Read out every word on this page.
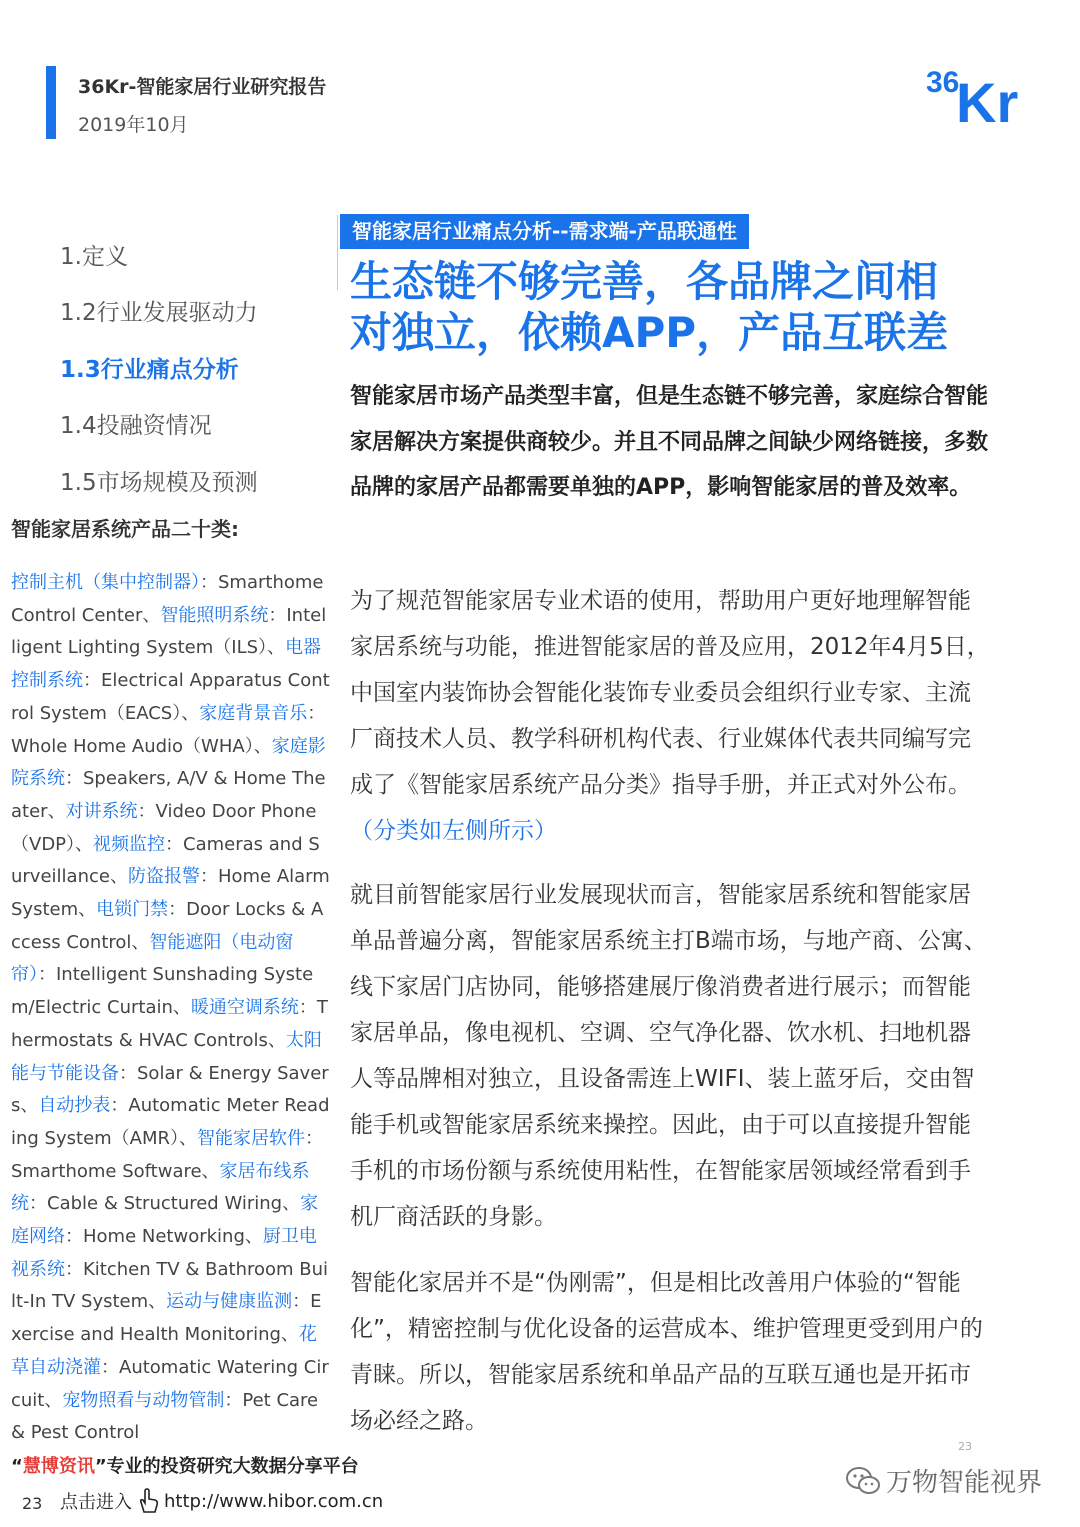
36Kr-智能家居行业研究报告
2019年10月
36
Kr
1.定义
1.2行业发展驱动力
1.3行业痛点分析
1.4投融资情况
1.5市场规模及预测
智能家居系统产品二十类:
控制主机（集中控制器）：Smarthome Control Center、智能照明系统：Intelligent Lighting System（ILS）、电器控制系统：Electrical Apparatus Control System（EACS）、家庭背景音乐：Whole Home Audio（WHA）、家庭影院系统：Speakers, A/V & Home Theater、对讲系统：Video Door Phone（VDP）、视频监控：Cameras and Surveillance、防盗报警：Home Alarm System、电锁门禁：Door Locks & Access Control、智能遮阳（电动窗帘）：Intelligent Sunshading System/Electric Curtain、暖通空调系统：Thermostats & HVAC Controls、太阳能与节能设备：Solar & Energy Savers、自动抄表：Automatic Meter Reading System（AMR）、智能家居软件：Smarthome Software、家居布线系统：Cable & Structured Wiring、家庭网络：Home Networking、厨卫电视系统：Kitchen TV & Bathroom Built-In TV System、运动与健康监测：Exercise and Health Monitoring、花草自动浇灌：Automatic Watering Circuit、宠物照看与动物管制：Pet Care & Pest Control
智能家居行业痛点分析--需求端-产品联通性
生态链不够完善，各品牌之间相
对独立，依赖APP，产品互联差
智能家居市场产品类型丰富，但是生态链不够完善，家庭综合智能家居解决方案提供商较少。并且不同品牌之间缺少网络链接，多数品牌的家居产品都需要单独的APP，影响智能家居的普及效率。
为了规范智能家居专业术语的使用，帮助用户更好地理解智能家居系统与功能，推进智能家居的普及应用，2012年4月5日，中国室内装饰协会智能化装饰专业委员会组织行业专家、主流厂商技术人员、教学科研机构代表、行业媒体代表共同编写完成了《智能家居系统产品分类》指导手册，并正式对外公布。（分类如左侧所示）
就目前智能家居行业发展现状而言，智能家居系统和智能家居单品普遍分离，智能家居系统主打B端市场，与地产商、公寓、线下家居门店协同，能够搭建展厅像消费者进行展示；而智能家居单品，像电视机、空调、空气净化器、饮水机、扫地机器人等品牌相对独立，且设备需连上WIFI、装上蓝牙后，交由智能手机或智能家居系统来操控。因此，由于可以直接提升智能手机的市场份额与系统使用粘性，在智能家居领域经常看到手机厂商活跃的身影。
智能化家居并不是“伪刚需”，但是相比改善用户体验的“智能化”，精密控制与优化设备的运营成本、维护管理更受到用户的青睐。所以，智能家居系统和单品产品的互联互通也是开拓市场必经之路。
23
“慧博资讯”专业的投资研究大数据分享平台
23 点击进入 http://www.hibor.com.cn
万物智能视界
